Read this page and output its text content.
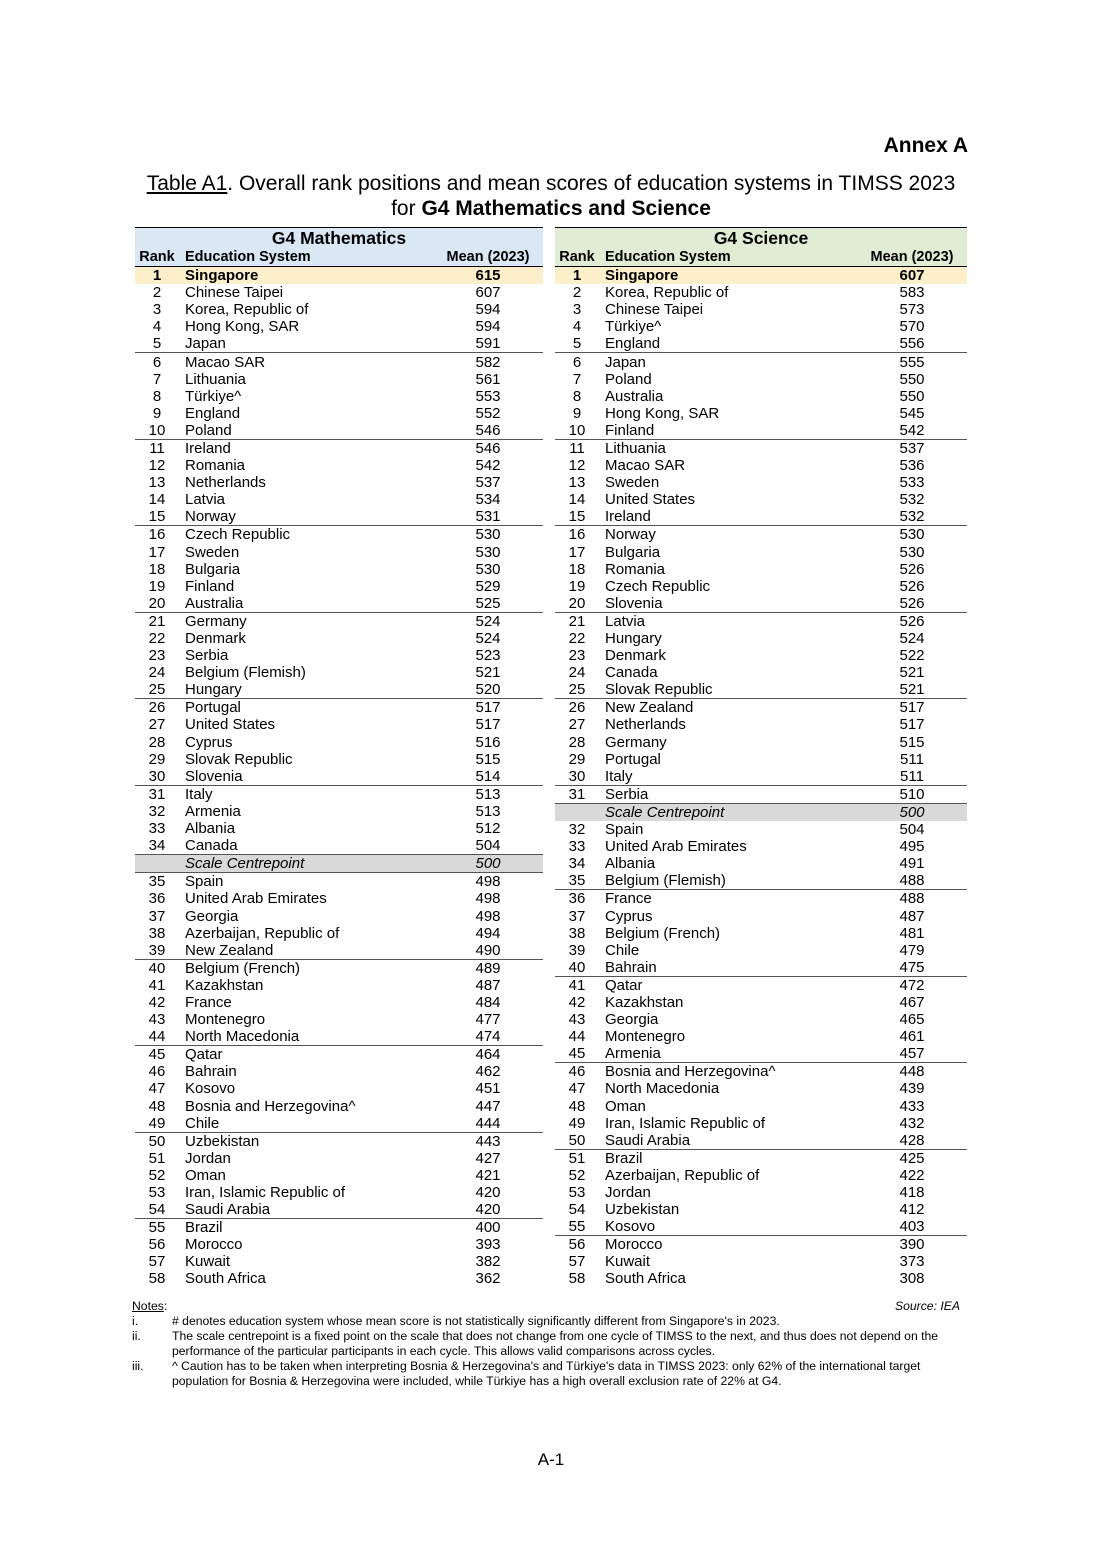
Annex A
Table A1. Overall rank positions and mean scores of education systems in TIMSS 2023 for G4 Mathematics and Science
G4 Mathematics		
Rank	Education System	Mean (2023)
1	Singapore	615
2	Chinese Taipei	607
3	Korea, Republic of	594
4	Hong Kong, SAR	594
5	Japan	591
6	Macao SAR	582
7	Lithuania	561
8	Türkiye^	553
9	England	552
10	Poland	546
11	Ireland	546
12	Romania	542
13	Netherlands	537
14	Latvia	534
15	Norway	531
16	Czech Republic	530
17	Sweden	530
18	Bulgaria	530
19	Finland	529
20	Australia	525
21	Germany	524
22	Denmark	524
23	Serbia	523
24	Belgium (Flemish)	521
25	Hungary	520
26	Portugal	517
27	United States	517
28	Cyprus	516
29	Slovak Republic	515
30	Slovenia	514
31	Italy	513
32	Armenia	513
33	Albania	512
34	Canada	504
	Scale Centrepoint	500
35	Spain	498
36	United Arab Emirates	498
37	Georgia	498
38	Azerbaijan, Republic of	494
39	New Zealand	490
40	Belgium (French)	489
41	Kazakhstan	487
42	France	484
43	Montenegro	477
44	North Macedonia	474
45	Qatar	464
46	Bahrain	462
47	Kosovo	451
48	Bosnia and Herzegovina^	447
49	Chile	444
50	Uzbekistan	443
51	Jordan	427
52	Oman	421
53	Iran, Islamic Republic of	420
54	Saudi Arabia	420
55	Brazil	400
56	Morocco	393
57	Kuwait	382
58	South Africa	362
G4 Science		
Rank	Education System	Mean (2023)
1	Singapore	607
2	Korea, Republic of	583
3	Chinese Taipei	573
4	Türkiye^	570
5	England	556
6	Japan	555
7	Poland	550
8	Australia	550
9	Hong Kong, SAR	545
10	Finland	542
11	Lithuania	537
12	Macao SAR	536
13	Sweden	533
14	United States	532
15	Ireland	532
16	Norway	530
17	Bulgaria	530
18	Romania	526
19	Czech Republic	526
20	Slovenia	526
21	Latvia	526
22	Hungary	524
23	Denmark	522
24	Canada	521
25	Slovak Republic	521
26	New Zealand	517
27	Netherlands	517
28	Germany	515
29	Portugal	511
30	Italy	511
31	Serbia	510
	Scale Centrepoint	500
32	Spain	504
33	United Arab Emirates	495
34	Albania	491
35	Belgium (Flemish)	488
36	France	488
37	Cyprus	487
38	Belgium (French)	481
39	Chile	479
40	Bahrain	475
41	Qatar	472
42	Kazakhstan	467
43	Georgia	465
44	Montenegro	461
45	Armenia	457
46	Bosnia and Herzegovina^	448
47	North Macedonia	439
48	Oman	433
49	Iran, Islamic Republic of	432
50	Saudi Arabia	428
51	Brazil	425
52	Azerbaijan, Republic of	422
53	Jordan	418
54	Uzbekistan	412
55	Kosovo	403
56	Morocco	390
57	Kuwait	373
58	South Africa	308
Notes:	Source: IEA
i.	# denotes education system whose mean score is not statistically significantly different from Singapore's in 2023.
ii.	The scale centrepoint is a fixed point on the scale that does not change from one cycle of TIMSS to the next, and thus does not depend on the performance of the particular participants in each cycle. This allows valid comparisons across cycles.
iii.	^ Caution has to be taken when interpreting Bosnia & Herzegovina's and Türkiye's data in TIMSS 2023: only 62% of the international target population for Bosnia & Herzegovina were included, while Türkiye has a high overall exclusion rate of 22% at G4.
A-1
